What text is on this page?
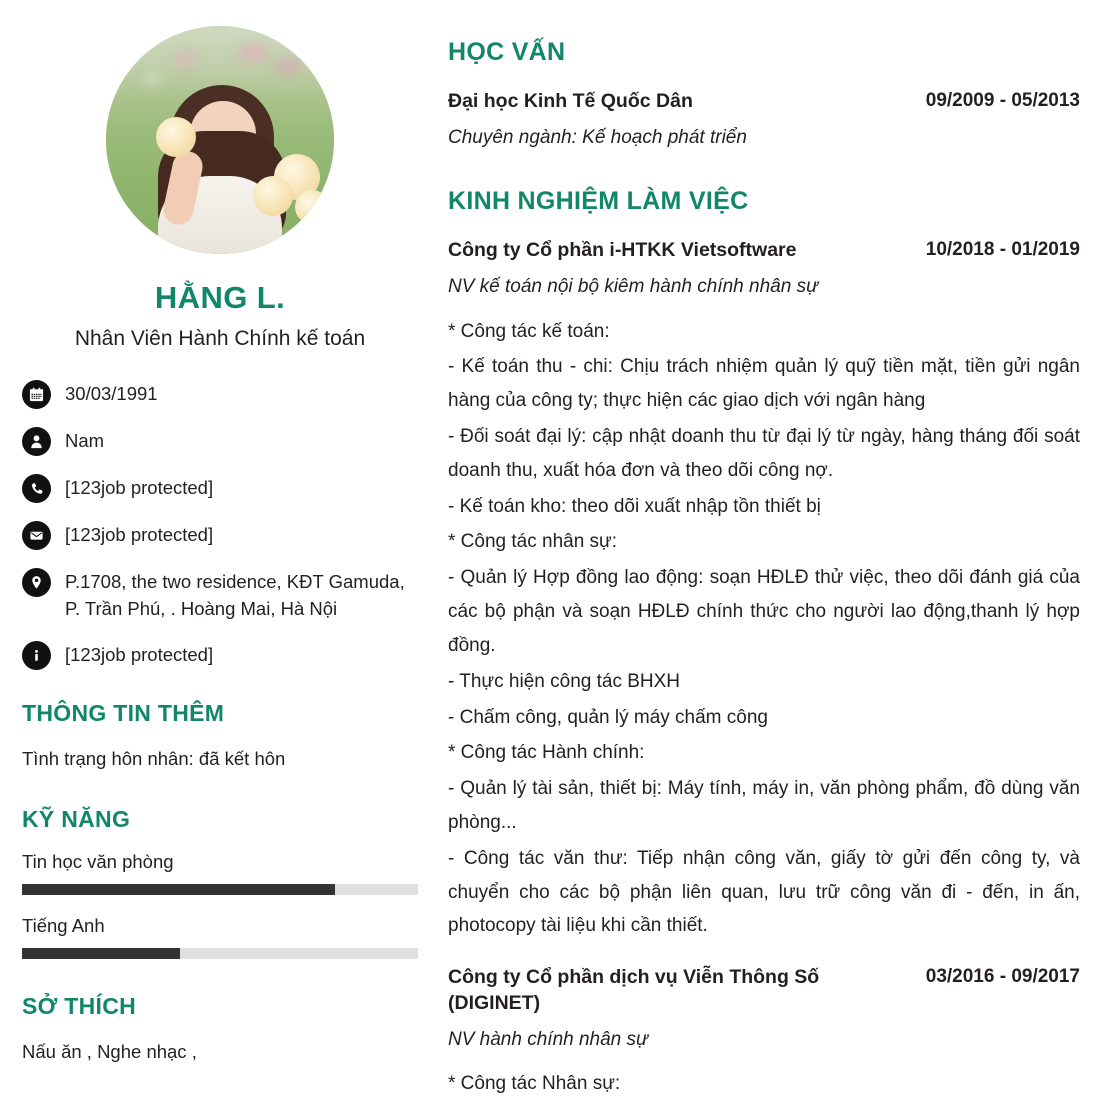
HẰNG L.
Nhân Viên Hành Chính kế toán
30/03/1991
Nam
[123job protected]
[123job protected]
P.1708, the two residence, KĐT Gamuda, P. Trần Phú, . Hoàng Mai, Hà Nội
[123job protected]
THÔNG TIN THÊM
Tình trạng hôn nhân: đã kết hôn
KỸ NĂNG
Tin học văn phòng
Tiếng Anh
SỞ THÍCH
Nấu ăn , Nghe nhạc ,
HỌC VẤN
Đại học Kinh Tế Quốc Dân	09/2009 - 05/2013
Chuyên ngành: Kế hoạch phát triển
KINH NGHIỆM LÀM VIỆC
Công ty Cổ phần i-HTKK Vietsoftware	10/2018 - 01/2019
NV kế toán nội bộ kiêm hành chính nhân sự
* Công tác kế toán:
- Kế toán thu - chi: Chịu trách nhiệm quản lý quỹ tiền mặt, tiền gửi ngân hàng của công ty; thực hiện các giao dịch với ngân hàng
- Đối soát đại lý: cập nhật doanh thu từ đại lý từ ngày, hàng tháng đối soát doanh thu, xuất hóa đơn và theo dõi công nợ.
- Kế toán kho: theo dõi xuất nhập tồn thiết bị
* Công tác nhân sự:
- Quản lý Hợp đồng lao động: soạn HĐLĐ thử việc, theo dõi đánh giá của các bộ phận và soạn HĐLĐ chính thức cho người lao động,thanh lý hợp đồng.
- Thực hiện công tác BHXH
- Chấm công, quản lý máy chấm công
* Công tác Hành chính:
- Quản lý tài sản, thiết bị: Máy tính, máy in, văn phòng phẩm, đồ dùng văn phòng...
- Công tác văn thư: Tiếp nhận công văn, giấy tờ gửi đến công ty, và chuyển cho các bộ phận liên quan, lưu trữ công văn đi - đến, in ấn, photocopy tài liệu khi cần thiết.
Công ty Cổ phần dịch vụ Viễn Thông Số (DIGINET)
03/2016 - 09/2017
NV hành chính nhân sự
* Công tác Nhân sự:
